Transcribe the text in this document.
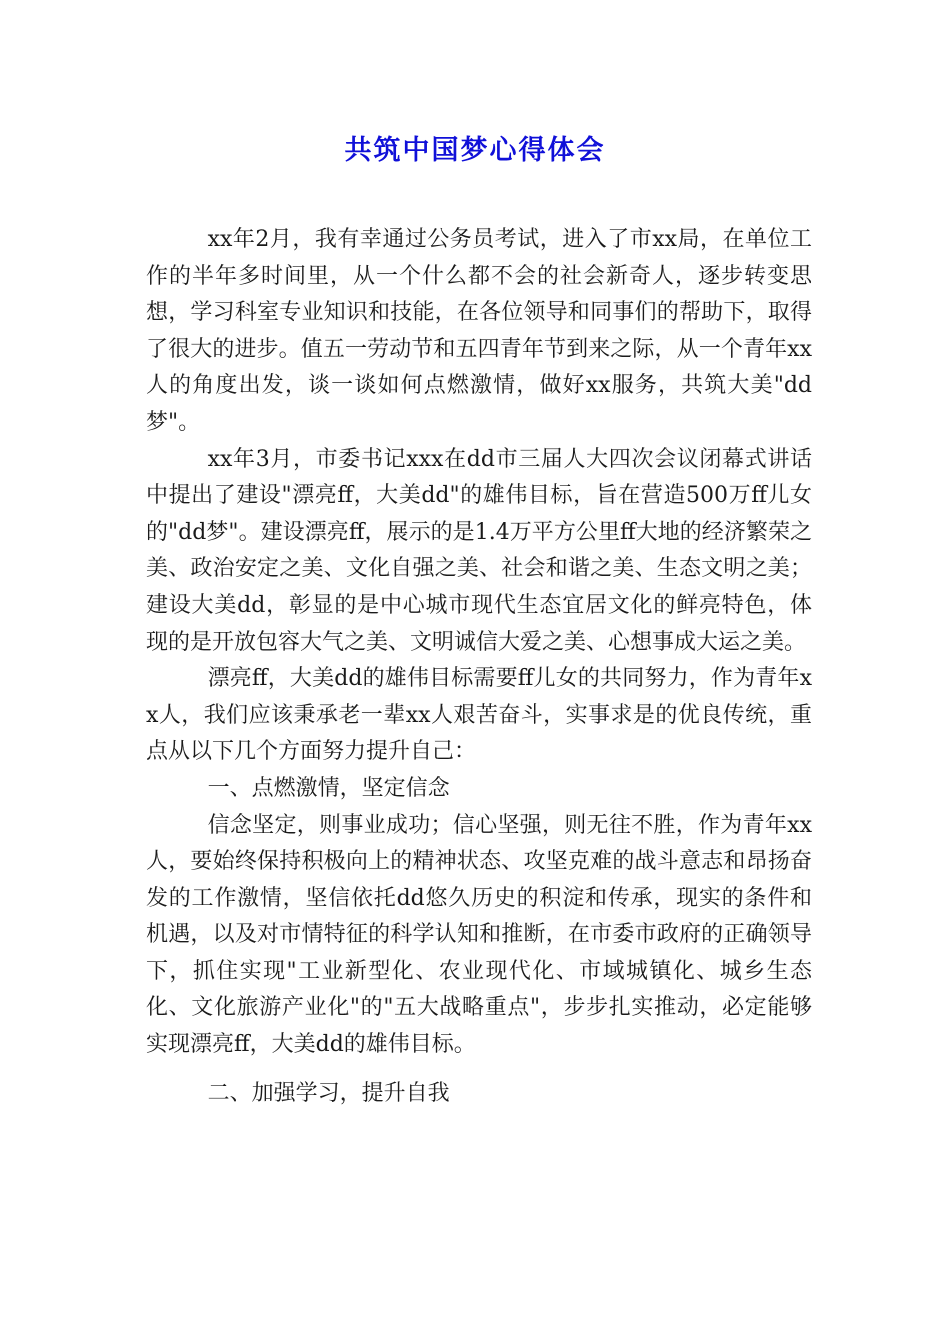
共筑中国梦心得体会

xx年2月，我有幸通过公务员考试，进入了市xx局，在单位工作的半年多时间里，从一个什么都不会的社会新奇人，逐步转变思想，学习科室专业知识和技能，在各位领导和同事们的帮助下，取得了很大的进步。值五一劳动节和五四青年节到来之际，从一个青年xx人的角度出发，谈一谈如何点燃激情，做好xx服务，共筑大美"dd梦"。

xx年3月，市委书记xxx在dd市三届人大四次会议闭幕式讲话中提出了建设"漂亮ff，大美dd"的雄伟目标，旨在营造500万ff儿女的"dd梦"。建设漂亮ff，展示的是1.4万平方公里ff大地的经济繁荣之美、政治安定之美、文化自强之美、社会和谐之美、生态文明之美；建设大美dd，彰显的是中心城市现代生态宜居文化的鲜亮特色，体现的是开放包容大气之美、文明诚信大爱之美、心想事成大运之美。

漂亮ff，大美dd的雄伟目标需要ff儿女的共同努力，作为青年xx人，我们应该秉承老一辈xx人艰苦奋斗，实事求是的优良传统，重点从以下几个方面努力提升自己：

一、点燃激情，坚定信念

信念坚定，则事业成功；信心坚强，则无往不胜，作为青年xx人，要始终保持积极向上的精神状态、攻坚克难的战斗意志和昂扬奋发的工作激情，坚信依托dd悠久历史的积淀和传承，现实的条件和机遇，以及对市情特征的科学认知和推断，在市委市政府的正确领导下，抓住实现"工业新型化、农业现代化、市域城镇化、城乡生态化、文化旅游产业化"的"五大战略重点"，步步扎实推动，必定能够实现漂亮ff，大美dd的雄伟目标。

二、加强学习，提升自我
